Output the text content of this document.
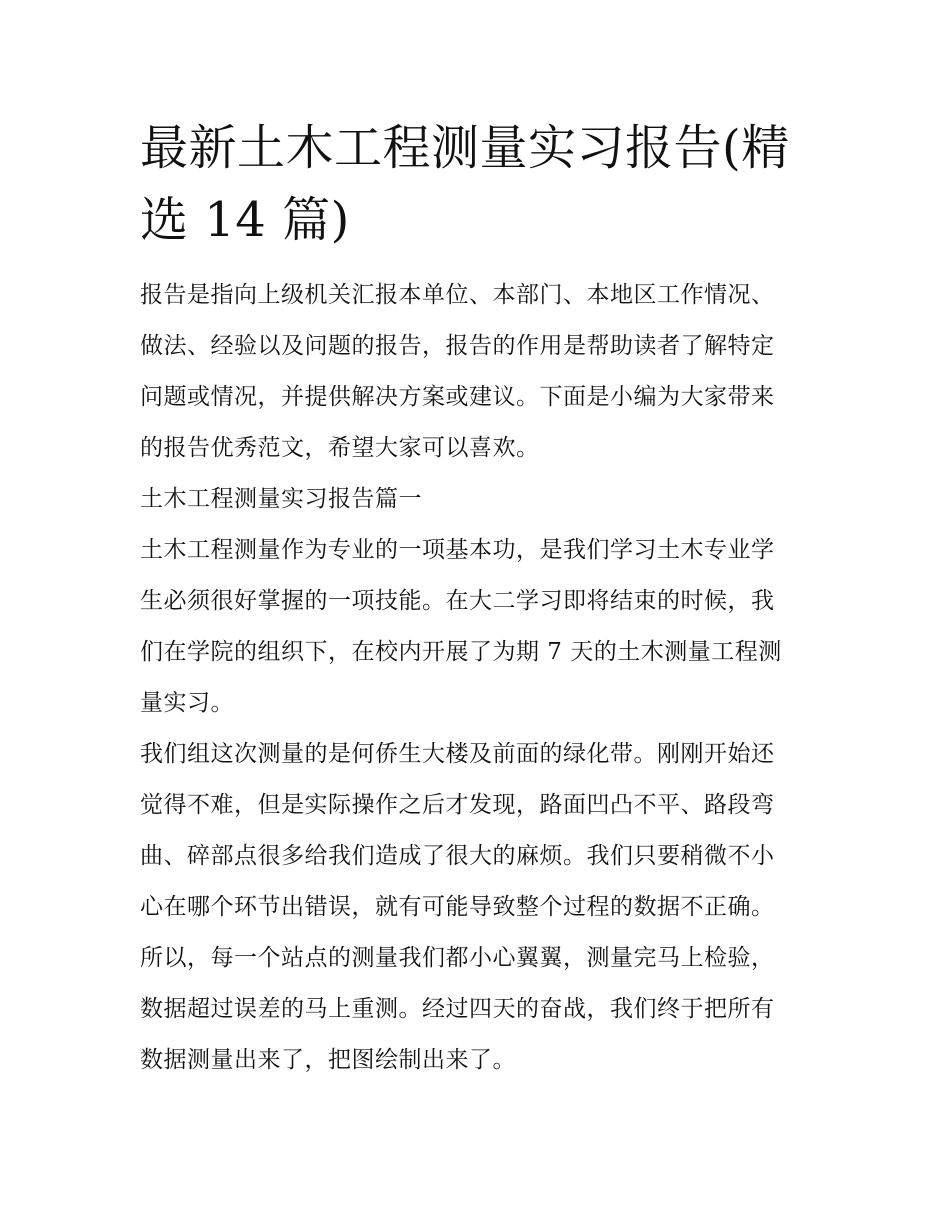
最新土木工程测量实习报告(精
选 14 篇)
报告是指向上级机关汇报本单位、本部门、本地区工作情况、
做法、经验以及问题的报告，报告的作用是帮助读者了解特定
问题或情况，并提供解决方案或建议。下面是小编为大家带来
的报告优秀范文，希望大家可以喜欢。
土木工程测量实习报告篇一
土木工程测量作为专业的一项基本功，是我们学习土木专业学
生必须很好掌握的一项技能。在大二学习即将结束的时候，我
们在学院的组织下，在校内开展了为期 7 天的土木测量工程测
量实习。
我们组这次测量的是何侨生大楼及前面的绿化带。刚刚开始还
觉得不难，但是实际操作之后才发现，路面凹凸不平、路段弯
曲、碎部点很多给我们造成了很大的麻烦。我们只要稍微不小
心在哪个环节出错误，就有可能导致整个过程的数据不正确。
所以，每一个站点的测量我们都小心翼翼，测量完马上检验，
数据超过误差的马上重测。经过四天的奋战，我们终于把所有
数据测量出来了，把图绘制出来了。
